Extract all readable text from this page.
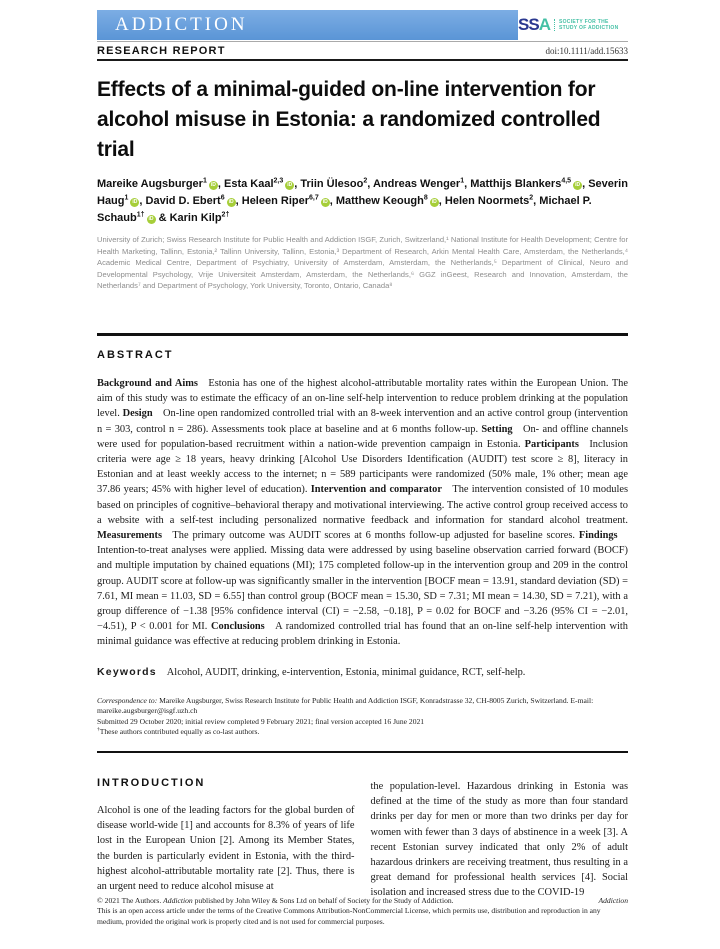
ADDICTION	SSA	SOCIETY FOR THE STUDY OF ADDICTION
RESEARCH REPORT	doi:10.1111/add.15633
Effects of a minimal-guided on-line intervention for alcohol misuse in Estonia: a randomized controlled trial

Mareike Augsburger$^1$iD , Esta Kaal$^{2,3}$iD , Triin Ülesoo$^2$, Andreas Wenger$^1$, Matthijs Blankers$^{4,5}$iD , Severin Haug$^1$iD , David D. Ebert$^6$iD , Heleen Riper$^{6,7}$iD , Matthew Keough$^8$iD , Helen Noormets$^2$, Michael P. Schaub$^{1\dagger}$iD & Karin Kilp$^{2\dagger}$

University of Zurich; Swiss Research Institute for Public Health and Addiction ISGF, Zurich, Switzerland,¹ National Institute for Health Development; Centre for Health Marketing, Tallinn, Estonia,² Tallinn University, Tallinn, Estonia,³ Department of Research, Arkin Mental Health Care, Amsterdam, the Netherlands,⁴ Academic Medical Centre, Department of Psychiatry, University of Amsterdam, Amsterdam, the Netherlands,⁵ Department of Clinical, Neuro and Developmental Psychology, Vrije Universiteit Amsterdam, Amsterdam, the Netherlands,⁶ GGZ inGeest, Research and Innovation, Amsterdam, the Netherlands⁷ and Department of Psychology, York University, Toronto, Ontario, Canada⁸

ABSTRACT

Background and Aims Estonia has one of the highest alcohol-attributable mortality rates within the European Union. The aim of this study was to estimate the efficacy of an on-line self-help intervention to reduce problem drinking at the population level. Design On-line open randomized controlled trial with an 8-week intervention and an active control group (intervention n = 303, control n = 286). Assessments took place at baseline and at 6 months follow-up. Setting On- and offline channels were used for population-based recruitment within a nation-wide prevention campaign in Estonia. Participants Inclusion criteria were age ≥ 18 years, heavy drinking [Alcohol Use Disorders Identification (AUDIT) test score ≥ 8], literacy in Estonian and at least weekly access to the internet; n = 589 participants were randomized (50% male, 1% other; mean age 37.86 years; 45% with higher level of education). Intervention and comparator The intervention consisted of 10 modules based on principles of cognitive–behavioral therapy and motivational interviewing. The active control group received access to a website with a self-test including personalized normative feedback and information for standard alcohol treatment. Measurements The primary outcome was AUDIT scores at 6 months follow-up adjusted for baseline scores. Findings Intention-to-treat analyses were applied. Missing data were addressed by using baseline observation carried forward (BOCF) and multiple imputation by chained equations (MI); 175 completed follow-up in the intervention group and 209 in the control group. AUDIT score at follow-up was significantly smaller in the intervention [BOCF mean = 13.91, standard deviation (SD) = 7.61, MI mean = 11.03, SD = 6.55] than control group (BOCF mean = 15.30, SD = 7.31; MI mean = 14.30, SD = 7.21), with a group difference of −1.38 [95% confidence interval (CI) = −2.58, −0.18], P = 0.02 for BOCF and −3.26 (95% CI = −2.01, −4.51), P < 0.001 for MI. Conclusions A randomized controlled trial has found that an on-line self-help intervention with minimal guidance was effective at reducing problem drinking in Estonia.

Keywords Alcohol, AUDIT, drinking, e-intervention, Estonia, minimal guidance, RCT, self-help.

Correspondence to: Mareike Augsburger, Swiss Research Institute for Public Health and Addiction ISGF, Konradstrasse 32, CH-8005 Zurich, Switzerland. E-mail: mareike.augsburger@isgf.uzh.ch
Submitted 29 October 2020; initial review completed 9 February 2021; final version accepted 16 June 2021
†These authors contributed equally as co-last authors.
INTRODUCTION

Alcohol is one of the leading factors for the global burden of disease world-wide [1] and accounts for 8.3% of years of life lost in the European Union [2]. Among its Member States, the burden is particularly evident in Estonia, with the third-highest alcohol-attributable mortality rate [2]. Thus, there is an urgent need to reduce alcohol misuse at

the population-level. Hazardous drinking in Estonia was defined at the time of the study as more than four standard drinks per day for men or more than two drinks per day for women with fewer than 3 days of abstinence in a week [3]. A recent Estonian survey indicated that only 2% of adult hazardous drinkers are receiving treatment, thus resulting in a great demand for professional health services [4]. Social isolation and increased stress due to the COVID-19

© 2021 The Authors. Addiction published by John Wiley & Sons Ltd on behalf of Society for the Study of Addiction.	Addiction
This is an open access article under the terms of the Creative Commons Attribution-NonCommercial License, which permits use, distribution and reproduction in any medium, provided the original work is properly cited and is not used for commercial purposes.
